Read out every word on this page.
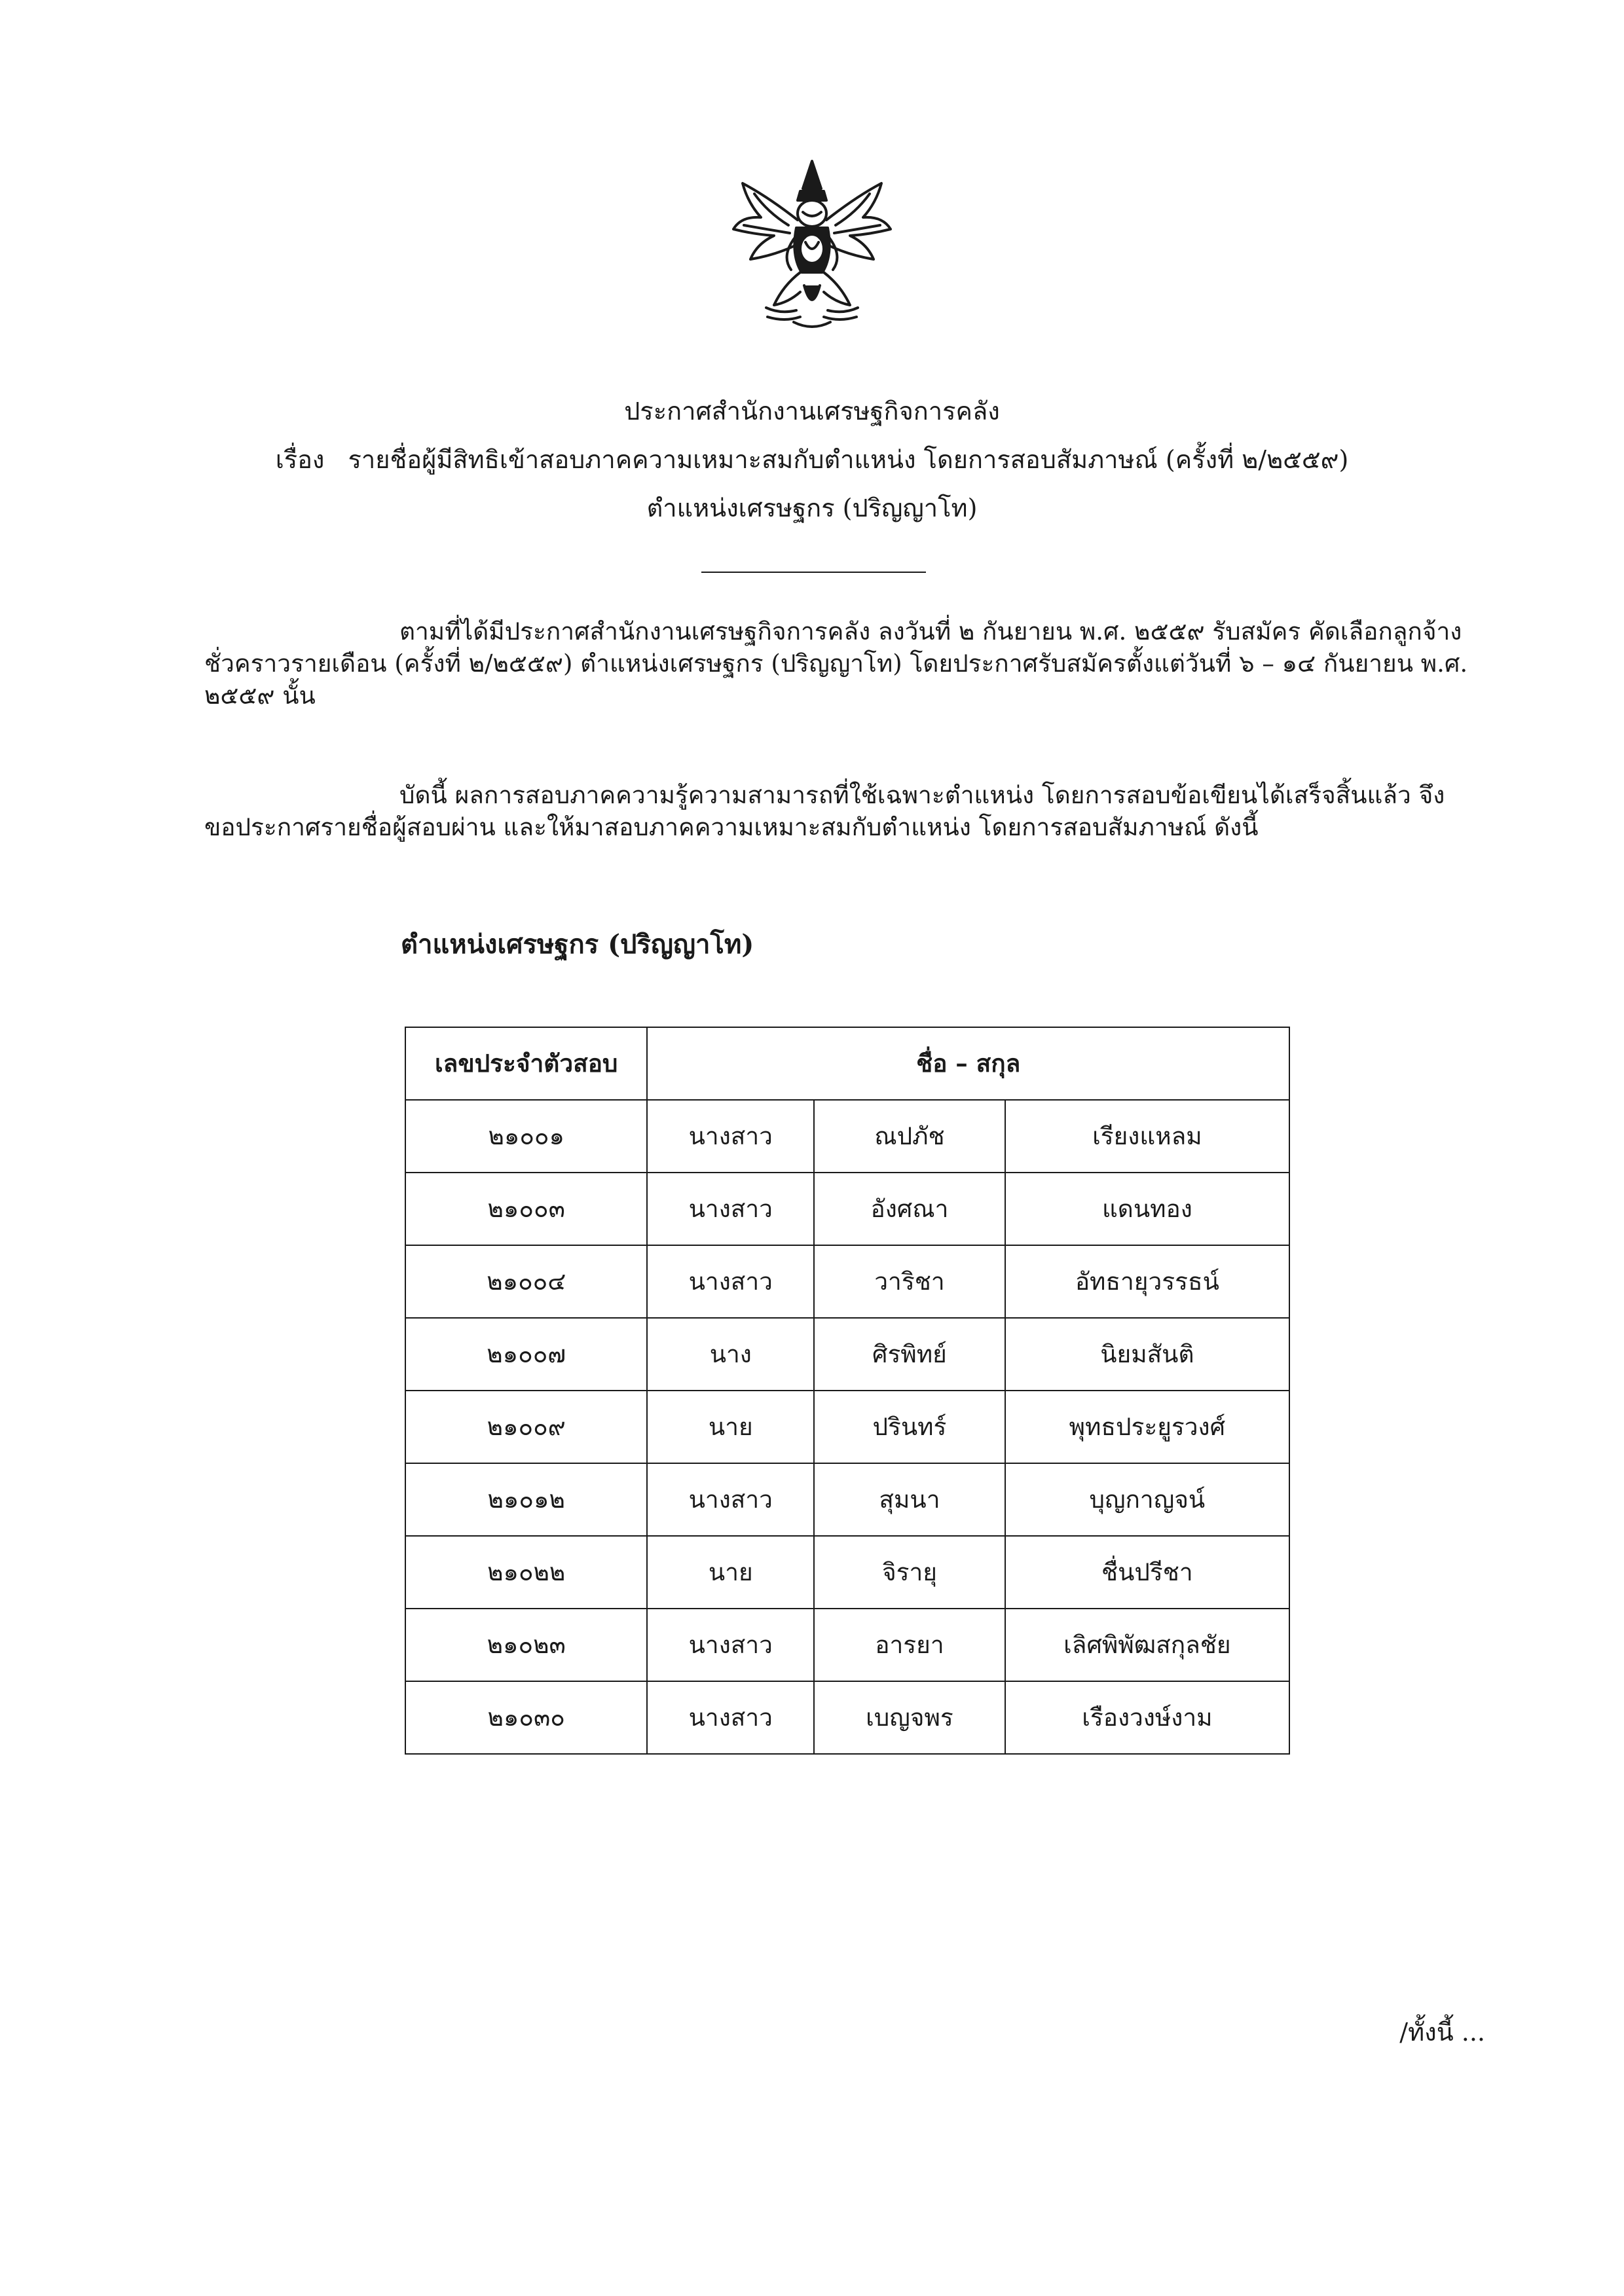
ประกาศสำนักงานเศรษฐกิจการคลัง
เรื่อง รายชื่อผู้มีสิทธิเข้าสอบภาคความเหมาะสมกับตำแหน่ง โดยการสอบสัมภาษณ์ (ครั้งที่ ๒/๒๕๕๙)
ตำแหน่งเศรษฐกร (ปริญญาโท)

ตามที่ได้มีประกาศสำนักงานเศรษฐกิจการคลัง ลงวันที่ ๒ กันยายน พ.ศ. ๒๕๕๙ รับสมัคร คัดเลือกลูกจ้างชั่วคราวรายเดือน (ครั้งที่ ๒/๒๕๕๙) ตำแหน่งเศรษฐกร (ปริญญาโท) โดยประกาศรับสมัครตั้งแต่วันที่ ๖ – ๑๔ กันยายน พ.ศ. ๒๕๕๙ นั้น

บัดนี้ ผลการสอบภาคความรู้ความสามารถที่ใช้เฉพาะตำแหน่ง โดยการสอบข้อเขียนได้เสร็จสิ้นแล้ว จึงขอประกาศรายชื่อผู้สอบผ่าน และให้มาสอบภาคความเหมาะสมกับตำแหน่ง โดยการสอบสัมภาษณ์ ดังนี้

ตำแหน่งเศรษฐกร (ปริญญาโท)
เลขประจำตัวสอบ	ชื่อ – สกุล		
๒๑๐๐๑	นางสาว	ณปภัช	เรียงแหลม
๒๑๐๐๓	นางสาว	อังศณา	แดนทอง
๒๑๐๐๔	นางสาว	วาริชา	อัทธายุวรรธน์
๒๑๐๐๗	นาง	ศิรพิทย์	นิยมสันติ
๒๑๐๐๙	นาย	ปรินทร์	พุทธประยูรวงศ์
๒๑๐๑๒	นางสาว	สุมนา	บุญกาญจน์
๒๑๐๒๒	นาย	จิรายุ	ชื่นปรีชา
๒๑๐๒๓	นางสาว	อารยา	เลิศพิพัฒสกุลชัย
๒๑๐๓๐	นางสาว	เบญจพร	เรืองวงษ์งาม
/ทั้งนี้ ...
